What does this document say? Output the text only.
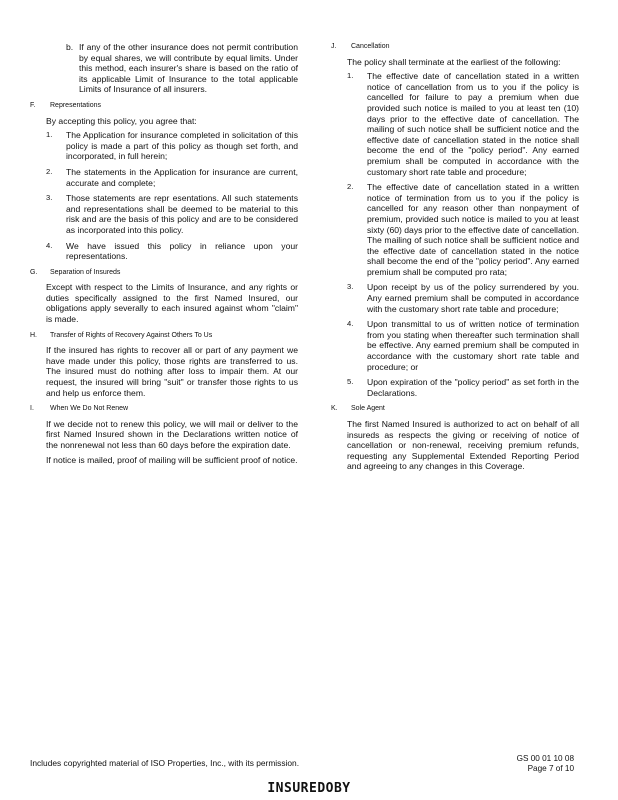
b. If any of the other insurance does not permit contribution by equal shares, we will contribute by equal limits. Under this method, each insurer's share is based on the ratio of its applicable Limit of Insurance to the total applicable Limits of Insurance of all insurers.

F.	Representations

By accepting this policy, you agree that:

1.	The Application for insurance completed in solicitation of this policy is made a part of this policy as though set forth, and incorporated, in full herein;

2.	The statements in the Application for insurance are current, accurate and complete;

3.	Those statements are repr esentations. All such statements and representations shall be deemed to be material to this risk and are the basis of this policy and are to be considered as incorporated into this policy.

4.	We have issued this policy in reliance upon your representations.

G.	Separation of Insureds

Except with respect to the Limits of Insurance, and any rights or duties specifically assigned to the first Named Insured, our obligations apply severally to each insured against whom "claim" is made.

H.	Transfer of Rights of Recovery Against Others To Us

If the insured has rights to recover all or part of any payment we have made under this policy, those rights are transferred to us. The insured must do nothing after loss to impair them. At our request, the insured will bring "suit" or transfer those rights to us and help us enforce them.

I.	When We Do Not Renew

If we decide not to renew this policy, we will mail or deliver to the first Named Insured shown in the Declarations written notice of the nonrenewal not less than 60 days before the expiration date.

If notice is mailed, proof of mailing will be sufficient proof of notice.

J.	Cancellation

The policy shall terminate at the earliest of the following:

1.	The effective date of cancellation stated in a written notice of cancellation from us to you if the policy is cancelled for failure to pay a premium when due provided such notice is mailed to you at least ten (10) days prior to the effective date of cancellation. The mailing of such notice shall be sufficient notice and the effective date of cancellation stated in the notice shall become the end of the "policy period". Any earned premium shall be computed in accordance with the customary short rate table and procedure;

2.	The effective date of cancellation stated in a written notice of termination from us to you if the policy is cancelled for any reason other than nonpayment of premium, provided such notice is mailed to you at least sixty (60) days prior to the effective date of cancellation. The mailing of such notice shall be sufficient notice and the effective date of cancellation stated in the notice shall become the end of the "policy period". Any earned premium shall be computed pro rata;

3.	Upon receipt by us of the policy surrendered by you. Any earned premium shall be computed in accordance with the customary short rate table and procedure;

4.	Upon transmittal to us of written notice of termination from you stating when thereafter such termination shall be effective. Any earned premium shall be computed in accordance with the customary short rate table and procedure; or

5.	Upon expiration of the "policy period" as set forth in the Declarations.

K.	Sole Agent

The first Named Insured is authorized to act on behalf of all insureds as respects the giving or receiving of notice of cancellation or non-renewal, receiving premium refunds, requesting any Supplemental Extended Reporting Period and agreeing to any changes in this Coverage.

Includes copyrighted material of ISO Properties, Inc., with its permission.	GS 00 01 10 08
Page 7 of 10
INSUREDOBY
